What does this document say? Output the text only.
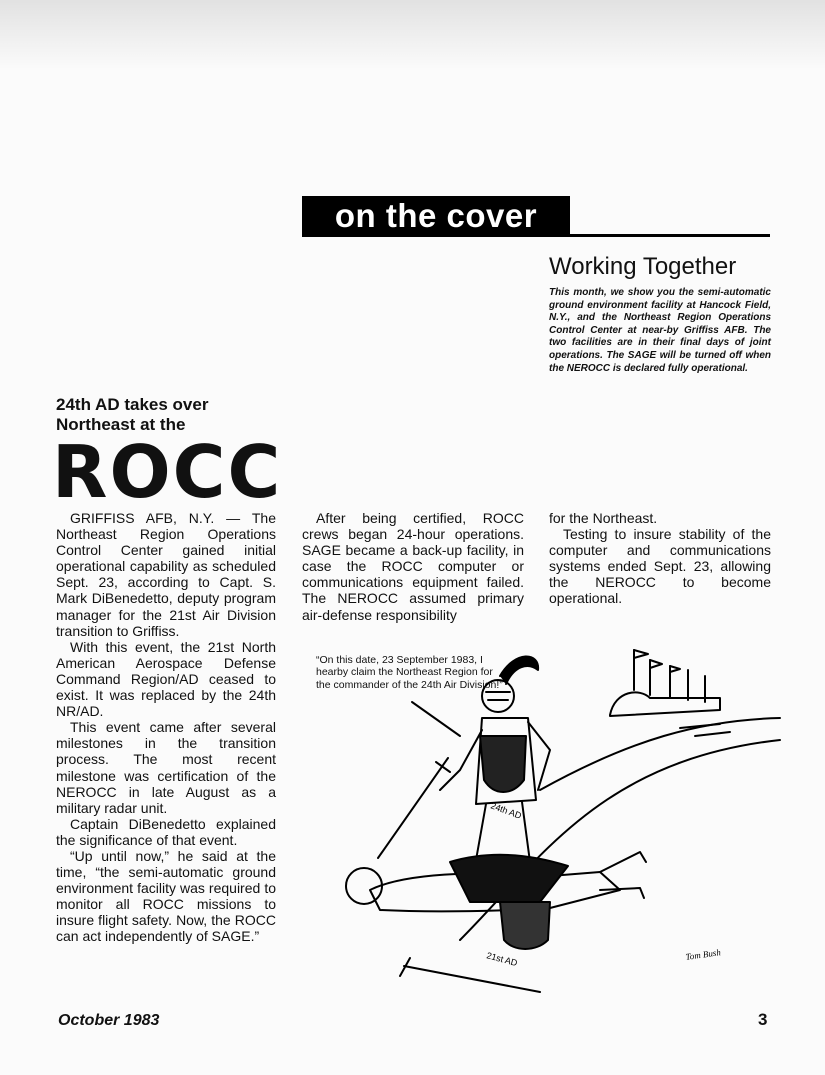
on the cover
Working Together

This month, we show you the semi-automatic ground environment facility at Hancock Field, N.Y., and the Northeast Region Operations Control Center at near-by Griffiss AFB. The two facilities are in their final days of joint operations. The SAGE will be turned off when the NEROCC is declared fully operational.

24th AD takes over Northeast at the

ROCC

GRIFFISS AFB, N.Y. — The Northeast Region Operations Control Center gained initial operational capability as scheduled Sept. 23, according to Capt. S. Mark DiBenedetto, deputy program manager for the 21st Air Division transition to Griffiss.

With this event, the 21st North American Aerospace Defense Command Region/AD ceased to exist. It was replaced by the 24th NR/AD.

This event came after several milestones in the transition process. The most recent milestone was certification of the NEROCC in late August as a military radar unit.

Captain DiBenedetto explained the significance of that event.

“Up until now,” he said at the time, “the semi-automatic ground environment facility was required to monitor all ROCC missions to insure flight safety. Now, the ROCC can act independently of SAGE.”

After being certified, ROCC crews began 24-hour operations. SAGE became a back-up facility, in case the ROCC computer or communications equipment failed. The NEROCC assumed primary air-defense responsibility

for the Northeast.

Testing to insure stability of the computer and communications systems ended Sept. 23, allowing the NEROCC to become operational.

“On this date, 23 September 1983, I hearby claim the Northeast Region for the commander of the 24th Air Division!”

24th AD
21st AD	Tom Bush
October 1983	3
